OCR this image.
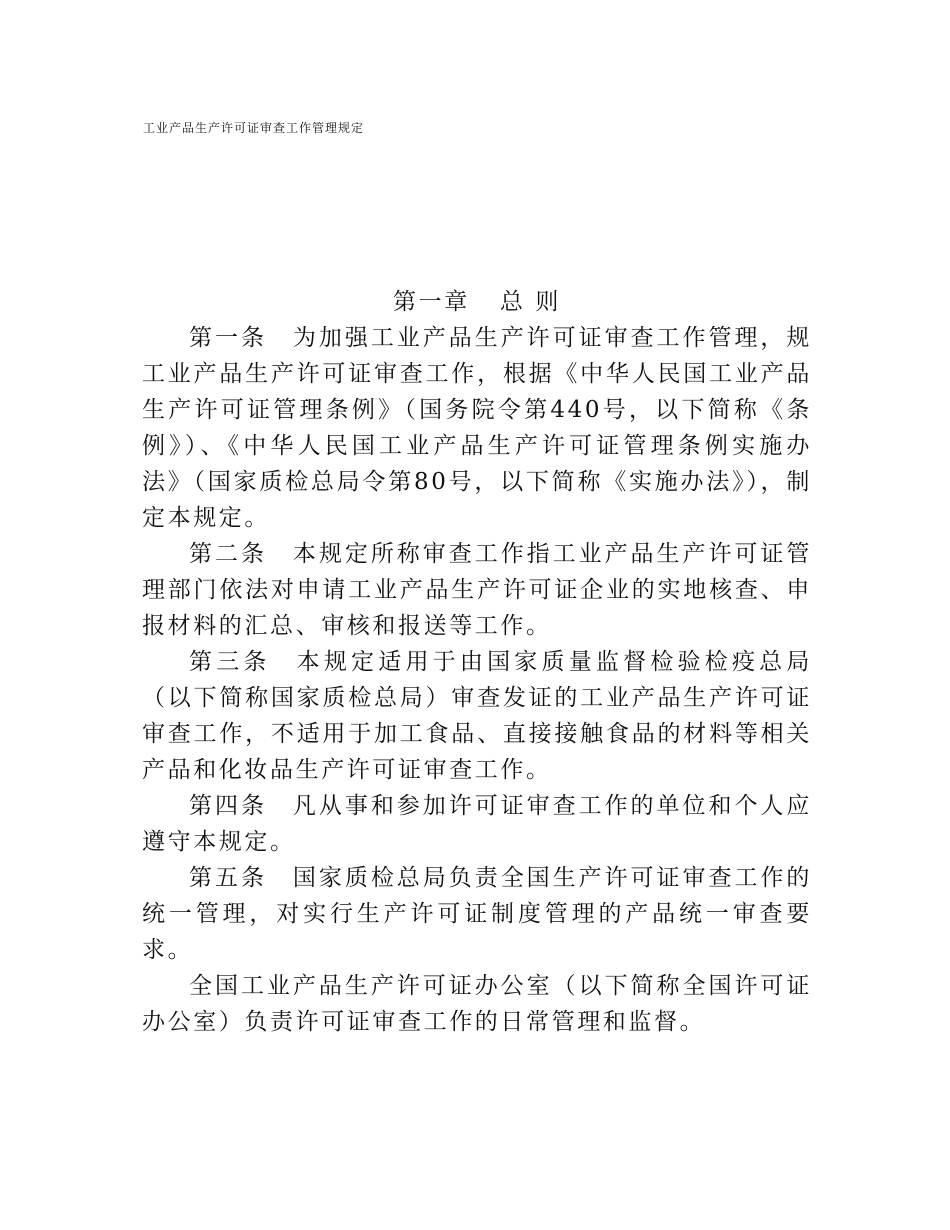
工业产品生产许可证审查工作管理规定

第一章 总 则

第一条 为加强工业产品生产许可证审查工作管理，规工业产品生产许可证审查工作，根据《中华人民国工业产品生产许可证管理条例》（国务院令第440号，以下简称《条例》）、《中华人民国工业产品生产许可证管理条例实施办法》（国家质检总局令第80号，以下简称《实施办法》），制定本规定。

第二条 本规定所称审查工作指工业产品生产许可证管理部门依法对申请工业产品生产许可证企业的实地核查、申报材料的汇总、审核和报送等工作。

第三条 本规定适用于由国家质量监督检验检疫总局（以下简称国家质检总局）审查发证的工业产品生产许可证审查工作，不适用于加工食品、直接接触食品的材料等相关产品和化妆品生产许可证审查工作。

第四条 凡从事和参加许可证审查工作的单位和个人应遵守本规定。

第五条 国家质检总局负责全国生产许可证审查工作的统一管理，对实行生产许可证制度管理的产品统一审查要求。

全国工业产品生产许可证办公室（以下简称全国许可证办公室）负责许可证审查工作的日常管理和监督。
